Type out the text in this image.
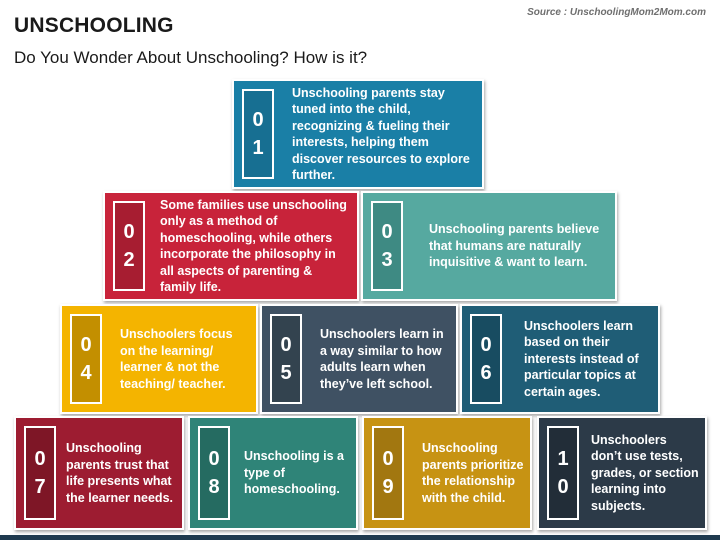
UNSCHOOLING
Do You Wonder About Unschooling? How is it?
Source : UnschoolingMom2Mom.com
0
1
Unschooling parents stay tuned into the child, recognizing & fueling their interests, helping them discover resources to explore further.
0
2
Some families use unschooling only as a method of homeschooling, while others incorporate the philosophy in all aspects of parenting & family life.
0
3
Unschooling parents believe that humans are naturally inquisitive & want to learn.
0
4
Unschoolers focus on the learning/ learner & not the teaching/ teacher.
0
5
Unschoolers learn in a way similar to how adults learn when they’ve left school.
0
6
Unschoolers learn based on their interests instead of particular topics at certain ages.
0
7
Unschooling parents trust that life presents what the learner needs.
0
8
Unschooling is a type of homeschooling.
0
9
Unschooling parents prioritize the relationship with the child.
1
0
Unschoolers don’t use tests, grades, or section learning into subjects.
